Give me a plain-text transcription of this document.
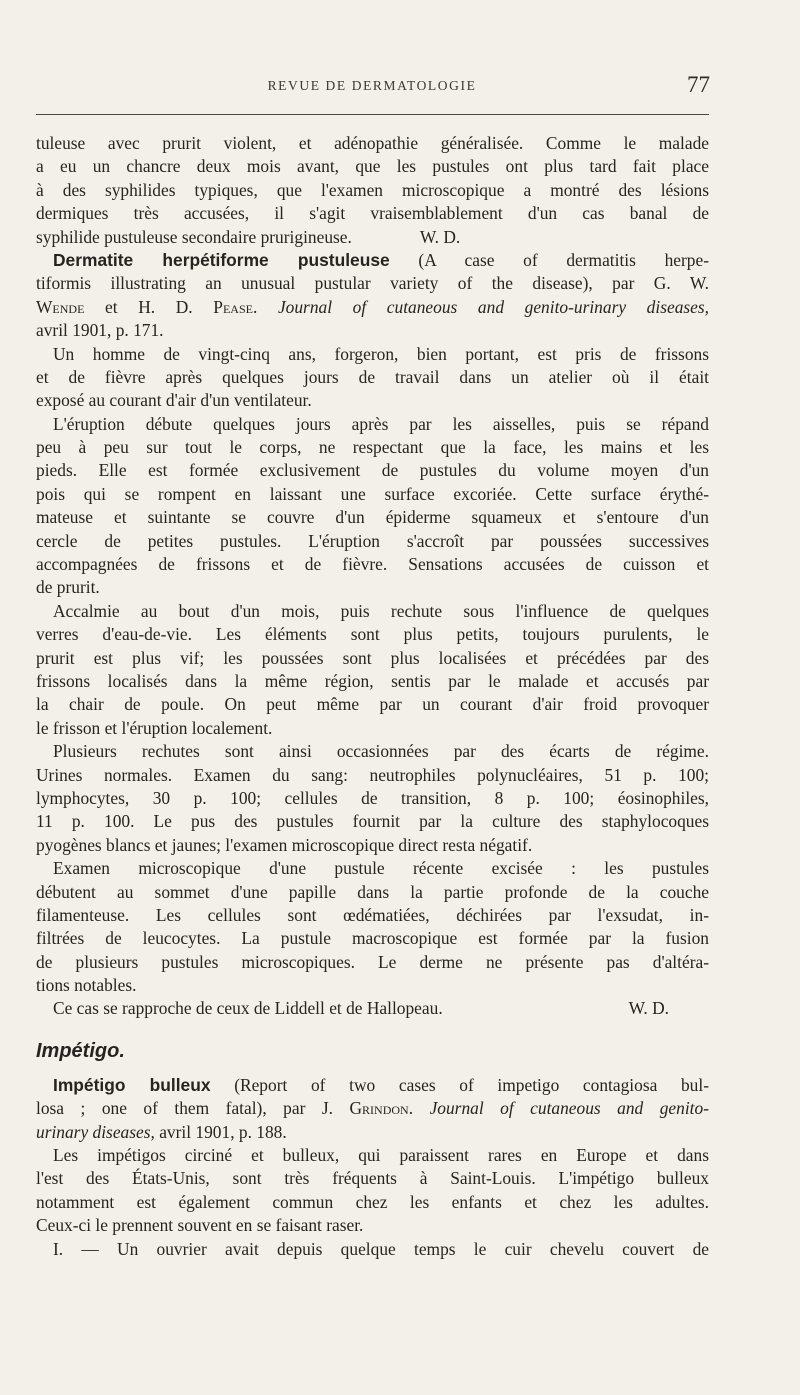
REVUE DE DERMATOLOGIE	77
tuleuse avec prurit violent, et adénopathie généralisée. Comme le malade
a eu un chancre deux mois avant, que les pustules ont plus tard fait place
à des syphilides typiques, que l'examen microscopique a montré des lésions
dermiques très accusées, il s'agit vraisemblablement d'un cas banal de
syphilide pustuleuse secondaire prurigineuse.	W. D.
Dermatite herpétiforme pustuleuse (A case of dermatitis herpe-
tiformis illustrating an unusual pustular variety of the disease), par G. W.
Wende et H. D. Pease. Journal of cutaneous and genito-urinary diseases,
avril 1901, p. 171.
Un homme de vingt-cinq ans, forgeron, bien portant, est pris de frissons
et de fièvre après quelques jours de travail dans un atelier où il était
exposé au courant d'air d'un ventilateur.
L'éruption débute quelques jours après par les aisselles, puis se répand
peu à peu sur tout le corps, ne respectant que la face, les mains et les
pieds. Elle est formée exclusivement de pustules du volume moyen d'un
pois qui se rompent en laissant une surface excoriée. Cette surface érythé-
mateuse et suintante se couvre d'un épiderme squameux et s'entoure d'un
cercle de petites pustules. L'éruption s'accroît par poussées successives
accompagnées de frissons et de fièvre. Sensations accusées de cuisson et
de prurit.
Accalmie au bout d'un mois, puis rechute sous l'influence de quelques
verres d'eau-de-vie. Les éléments sont plus petits, toujours purulents, le
prurit est plus vif; les poussées sont plus localisées et précédées par des
frissons localisés dans la même région, sentis par le malade et accusés par
la chair de poule. On peut même par un courant d'air froid provoquer
le frisson et l'éruption localement.
Plusieurs rechutes sont ainsi occasionnées par des écarts de régime.
Urines normales. Examen du sang: neutrophiles polynucléaires, 51 p. 100;
lymphocytes, 30 p. 100; cellules de transition, 8 p. 100; éosinophiles,
11 p. 100. Le pus des pustules fournit par la culture des staphylocoques
pyogènes blancs et jaunes; l'examen microscopique direct resta négatif.
Examen microscopique d'une pustule récente excisée : les pustules
débutent au sommet d'une papille dans la partie profonde de la couche
filamenteuse. Les cellules sont œdématiées, déchirées par l'exsudat, in-
filtrées de leucocytes. La pustule macroscopique est formée par la fusion
de plusieurs pustules microscopiques. Le derme ne présente pas d'altéra-
tions notables.
Ce cas se rapproche de ceux de Liddell et de Hallopeau.	W. D.
Impétigo.
Impétigo bulleux (Report of two cases of impetigo contagiosa bul-
losa ; one of them fatal), par J. Grindon. Journal of cutaneous and genito-
urinary diseases, avril 1901, p. 188.
Les impétigos circiné et bulleux, qui paraissent rares en Europe et dans
l'est des États-Unis, sont très fréquents à Saint-Louis. L'impétigo bulleux
notamment est également commun chez les enfants et chez les adultes.
Ceux-ci le prennent souvent en se faisant raser.
I. — Un ouvrier avait depuis quelque temps le cuir chevelu couvert de
